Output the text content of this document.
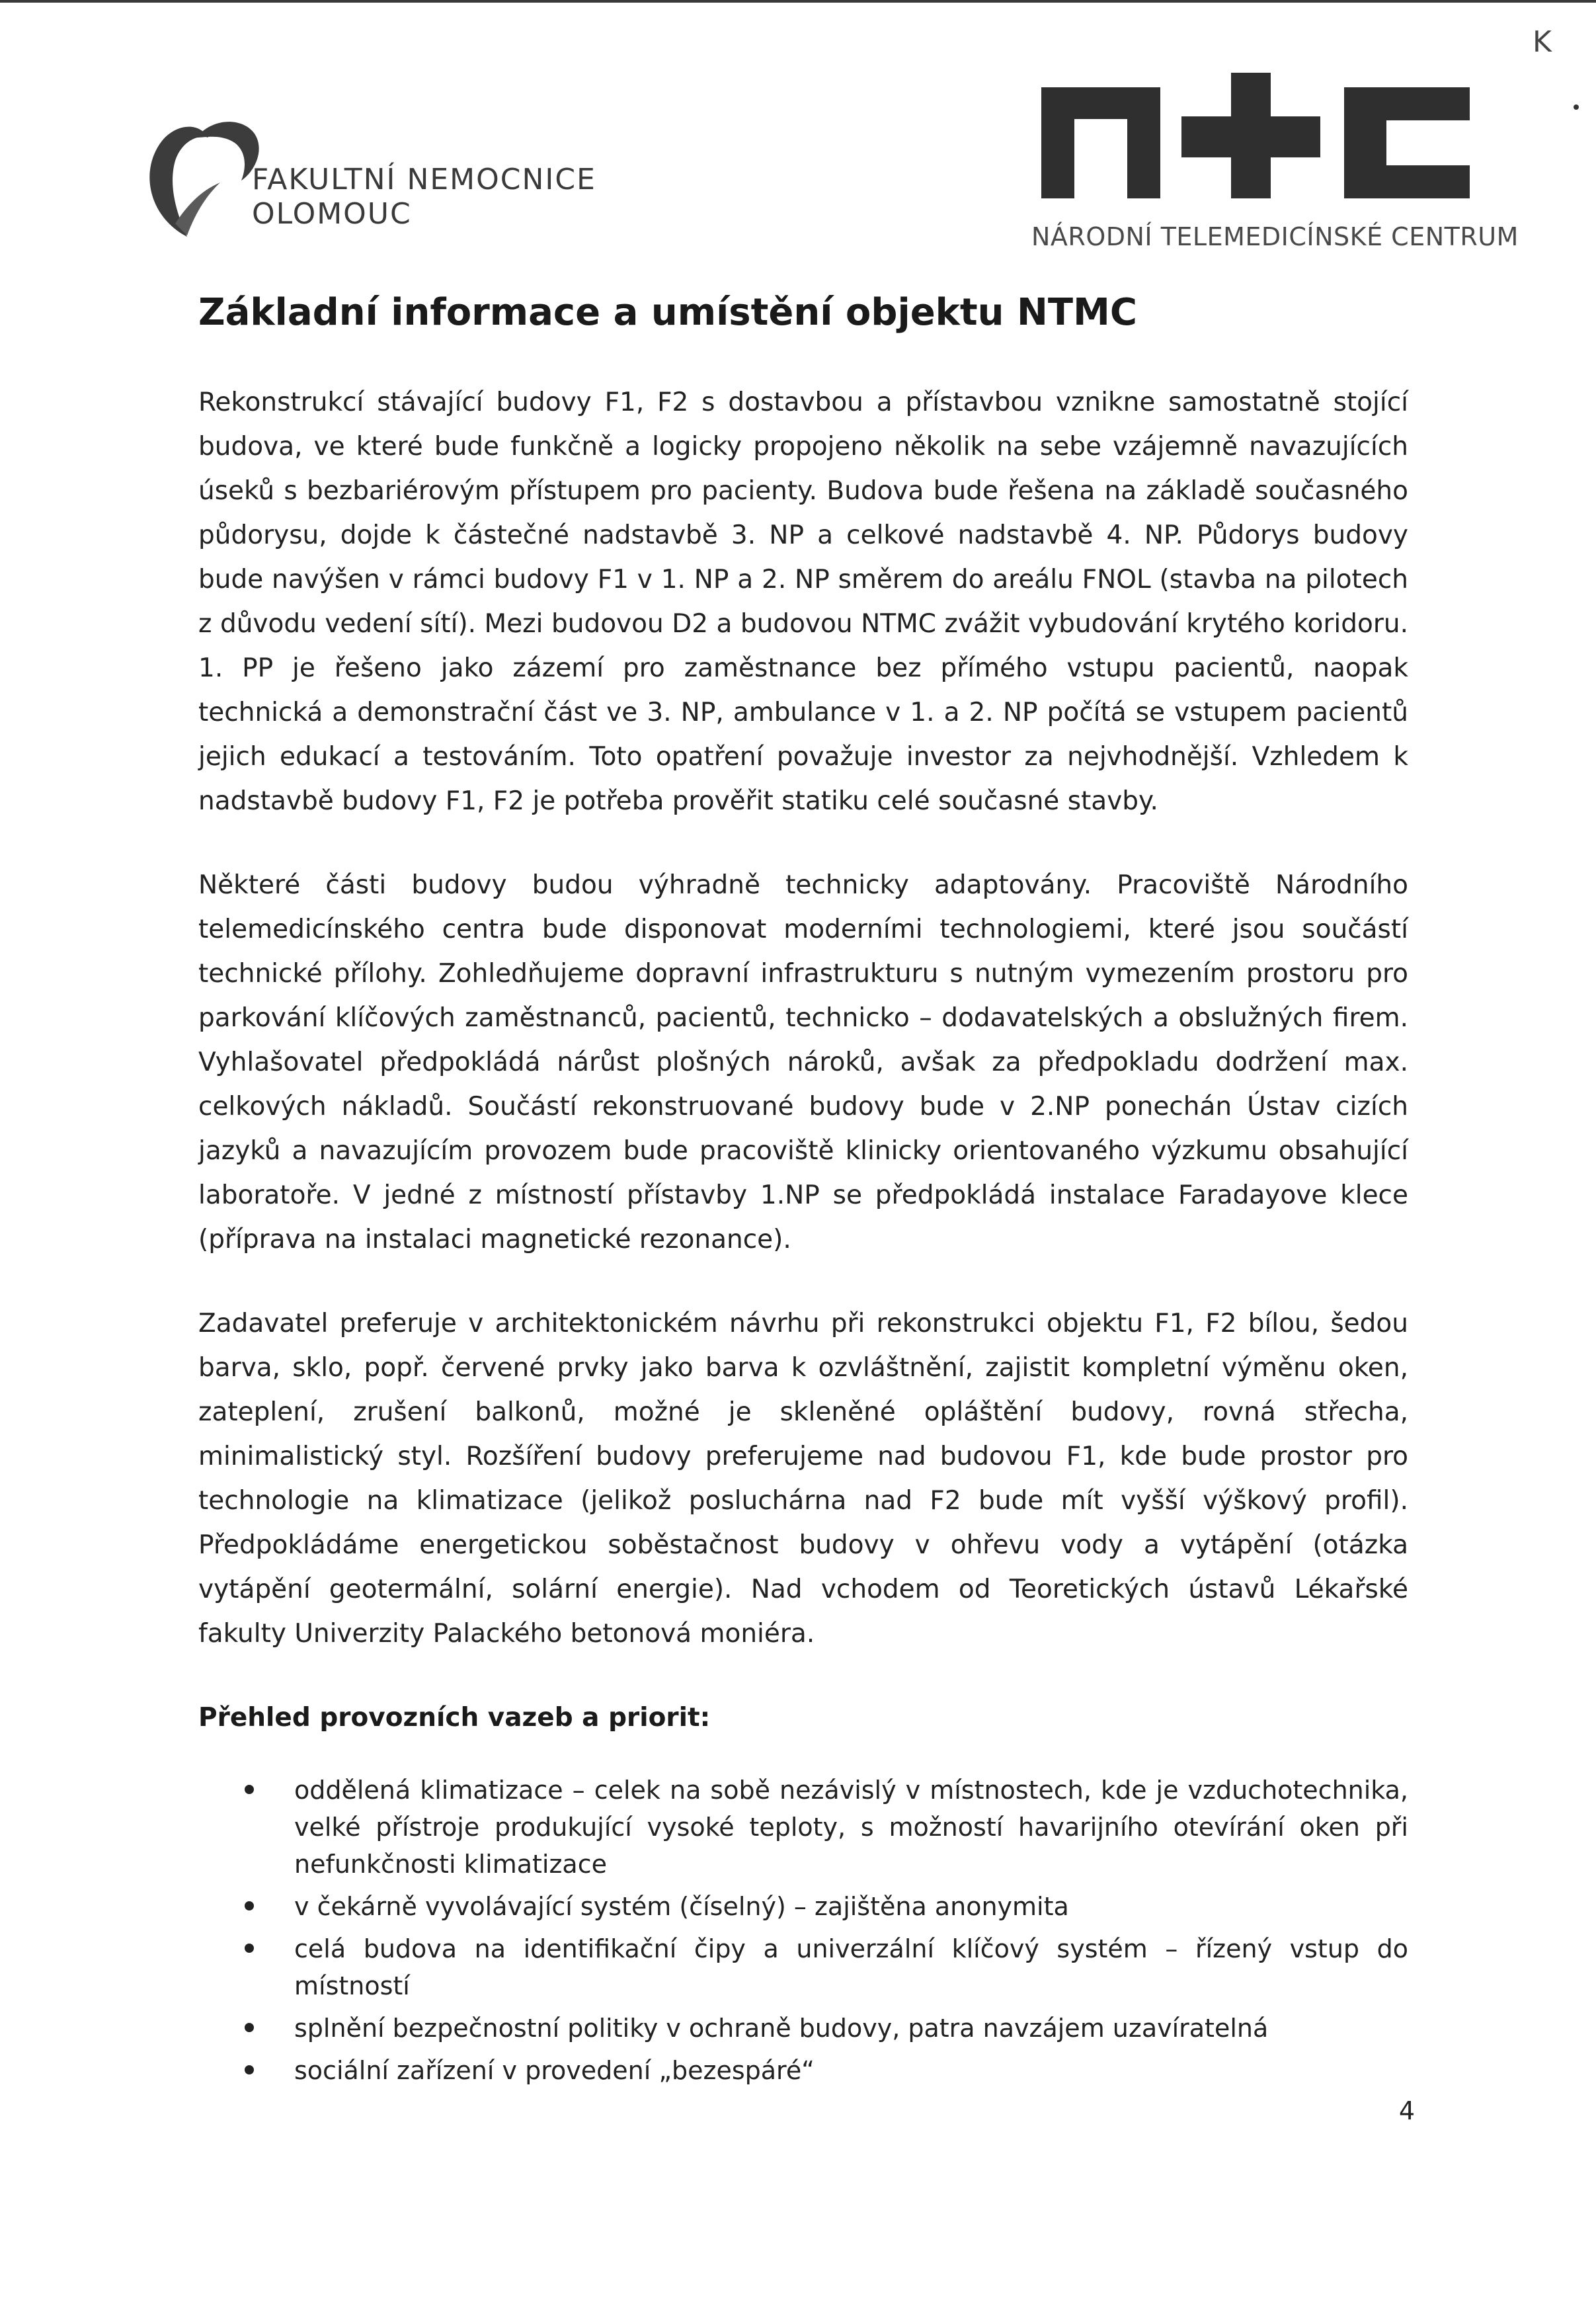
K
FAKULTNÍ NEMOCNICE
OLOMOUC
NÁRODNÍ TELEMEDICÍNSKÉ CENTRUM
Základní informace a umístění objektu NTMC

Rekonstrukcí stávající budovy F1, F2 s dostavbou a přístavbou vznikne samostatně stojící budova, ve které bude funkčně a logicky propojeno několik na sebe vzájemně navazujících úseků s bezbariérovým přístupem pro pacienty. Budova bude řešena na základě současného půdorysu, dojde k částečné nadstavbě 3. NP a celkové nadstavbě 4. NP. Půdorys budovy bude navýšen v rámci budovy F1 v 1. NP a 2. NP směrem do areálu FNOL (stavba na pilotech z důvodu vedení sítí). Mezi budovou D2 a budovou NTMC zvážit vybudování krytého koridoru. 1. PP je řešeno jako zázemí pro zaměstnance bez přímého vstupu pacientů, naopak technická a demonstrační část ve 3. NP, ambulance v 1. a 2. NP počítá se vstupem pacientů jejich edukací a testováním. Toto opatření považuje investor za nejvhodnější. Vzhledem k nadstavbě budovy F1, F2 je potřeba prověřit statiku celé současné stavby.

Některé části budovy budou výhradně technicky adaptovány. Pracoviště Národního telemedicínského centra bude disponovat moderními technologiemi, které jsou součástí technické přílohy. Zohledňujeme dopravní infrastrukturu s nutným vymezením prostoru pro parkování klíčových zaměstnanců, pacientů, technicko – dodavatelských a obslužných firem. Vyhlašovatel předpokládá nárůst plošných nároků, avšak za předpokladu dodržení max. celkových nákladů. Součástí rekonstruované budovy bude v 2.NP ponechán Ústav cizích jazyků a navazujícím provozem bude pracoviště klinicky orientovaného výzkumu obsahující laboratoře. V jedné z místností přístavby 1.NP se předpokládá instalace Faradayove klece (příprava na instalaci magnetické rezonance).

Zadavatel preferuje v architektonickém návrhu při rekonstrukci objektu F1, F2 bílou, šedou barva, sklo, popř. červené prvky jako barva k ozvláštnění, zajistit kompletní výměnu oken, zateplení, zrušení balkonů, možné je skleněné opláštění budovy, rovná střecha, minimalistický styl. Rozšíření budovy preferujeme nad budovou F1, kde bude prostor pro technologie na klimatizace (jelikož posluchárna nad F2 bude mít vyšší výškový profil). Předpokládáme energetickou soběstačnost budovy v ohřevu vody a vytápění (otázka vytápění geotermální, solární energie). Nad vchodem od Teoretických ústavů Lékařské fakulty Univerzity Palackého betonová moniéra.

Přehled provozních vazeb a priorit:
oddělená klimatizace – celek na sobě nezávislý v místnostech, kde je vzduchotechnika, velké přístroje produkující vysoké teploty, s možností havarijního otevírání oken při nefunkčnosti klimatizace
v čekárně vyvolávající systém (číselný) – zajištěna anonymita
celá budova na identifikační čipy a univerzální klíčový systém – řízený vstup do místností
splnění bezpečnostní politiky v ochraně budovy, patra navzájem uzavíratelná
sociální zařízení v provedení „bezespáré“
4
